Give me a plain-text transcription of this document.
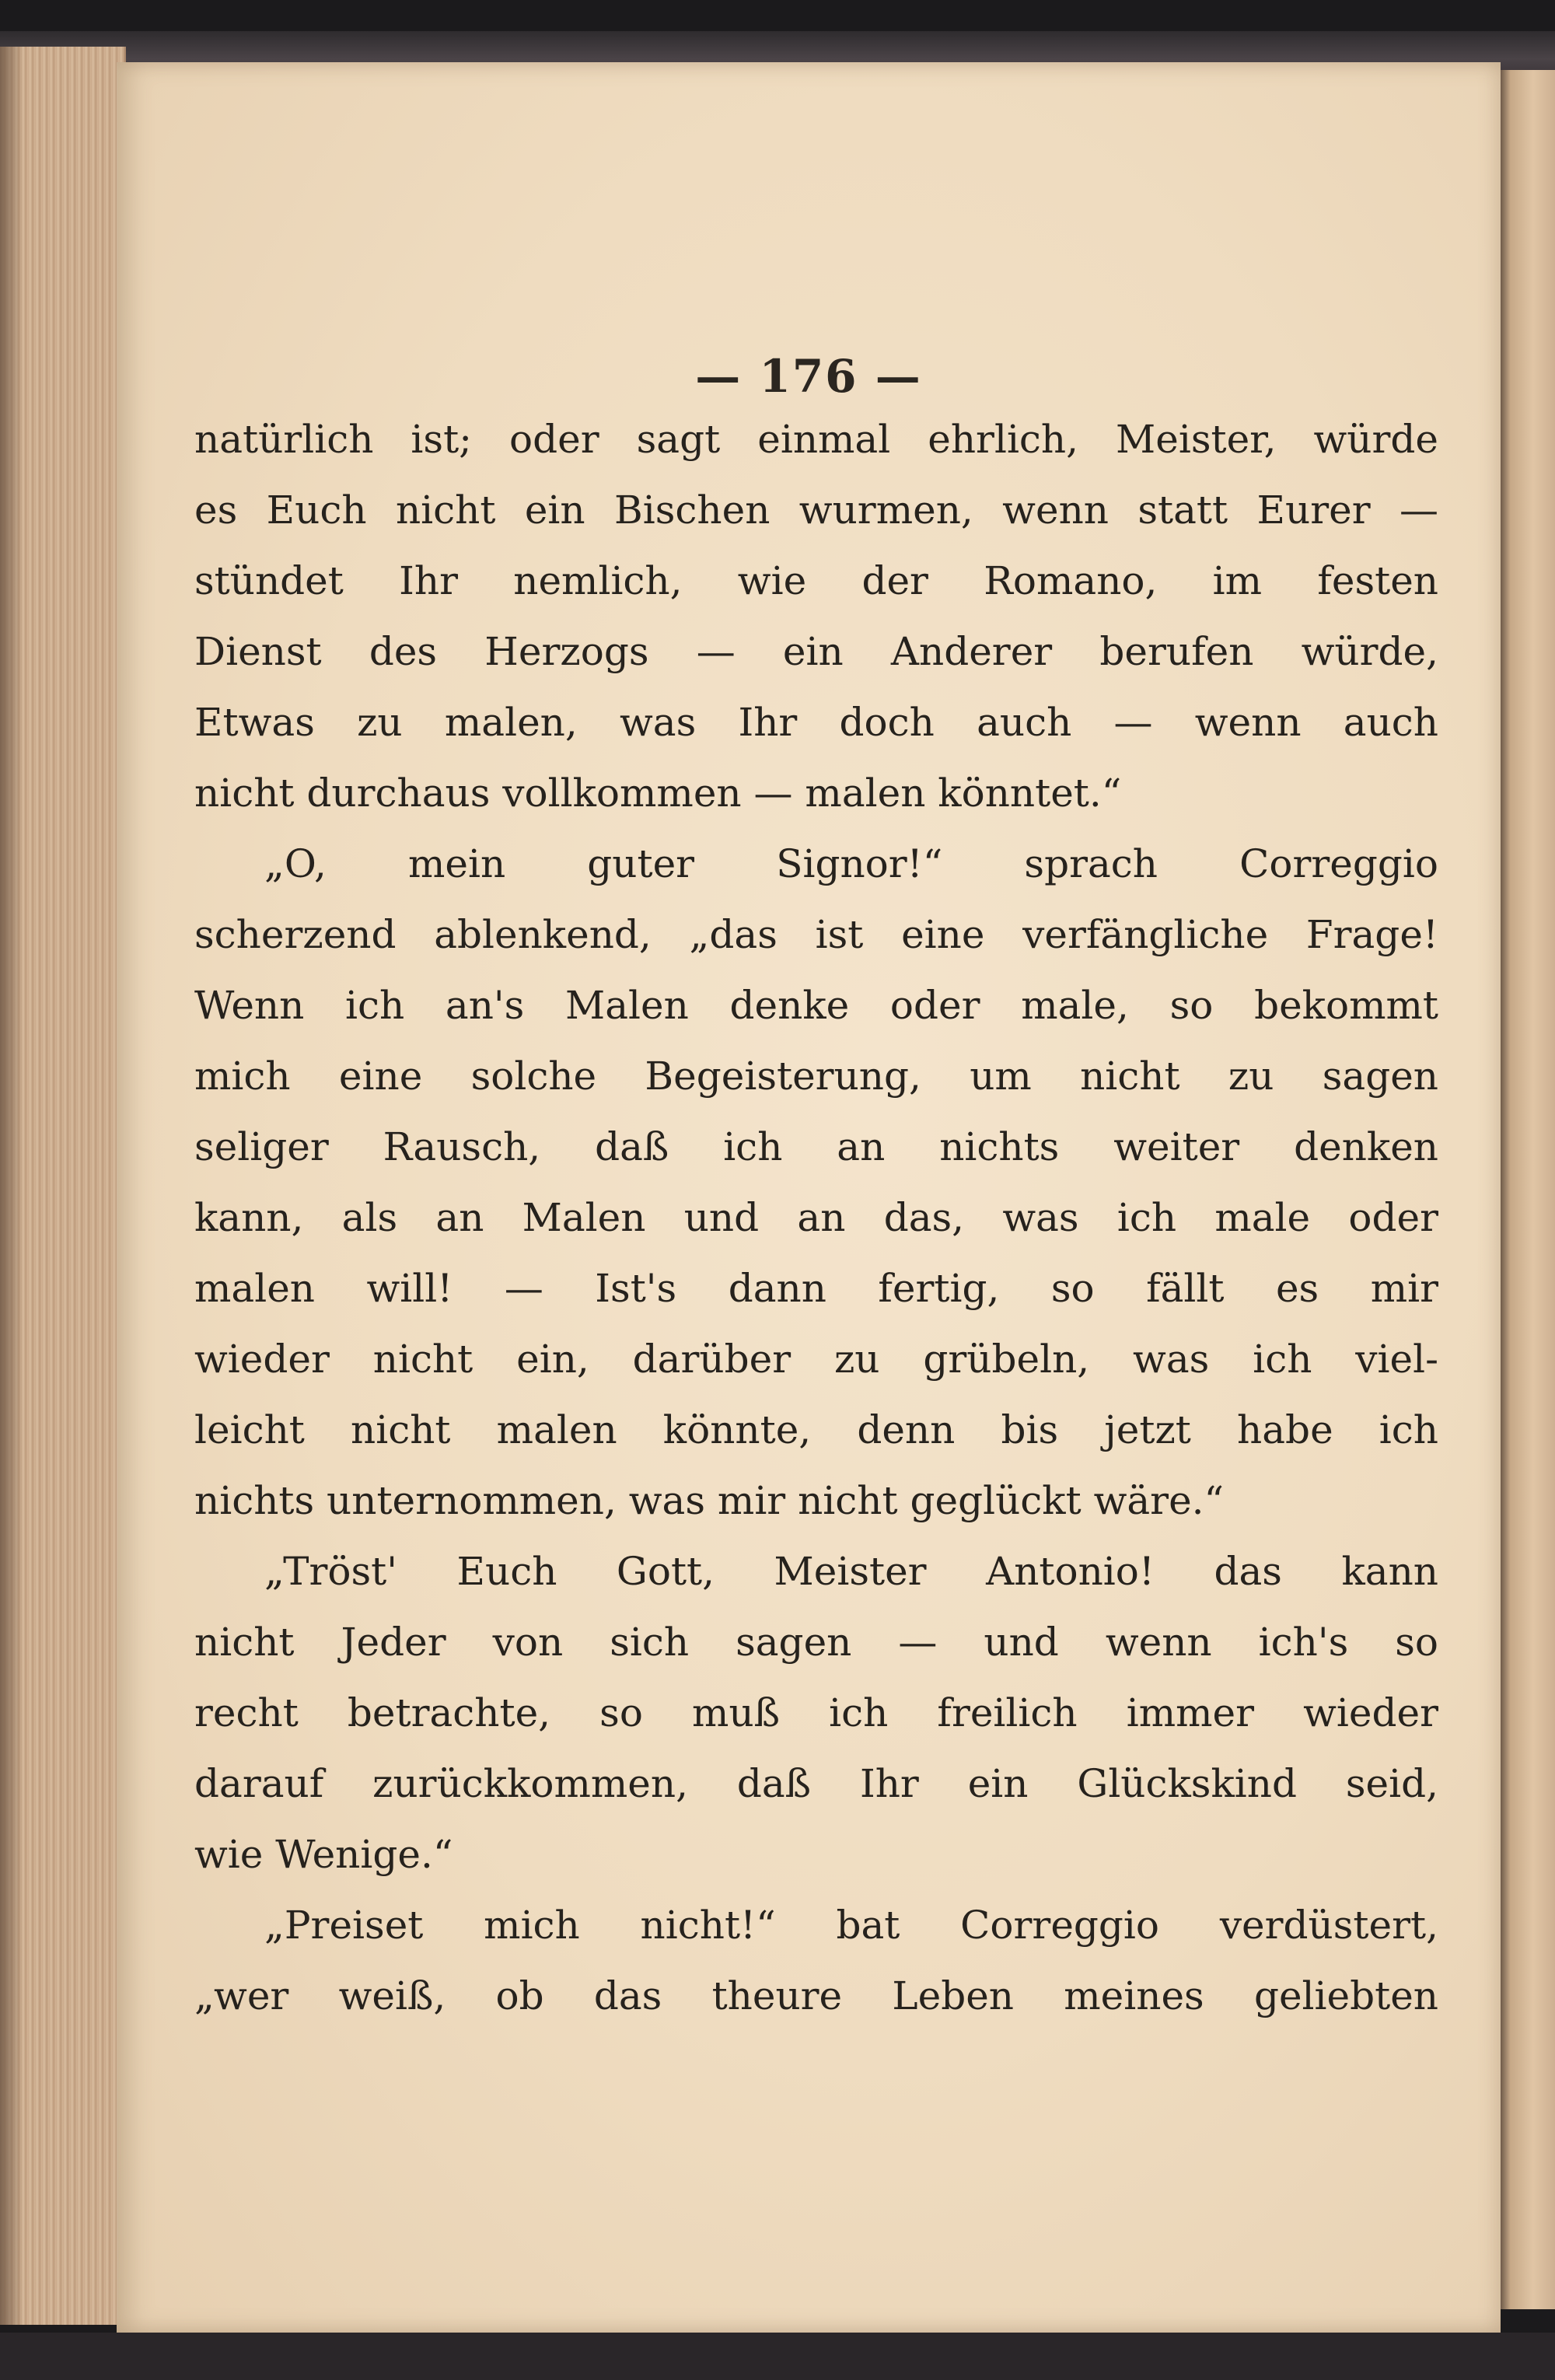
— 176 —
natürlich ist; oder sagt einmal ehrlich, Meister, würde
es Euch nicht ein Bischen wurmen, wenn statt Eurer —
stündet Ihr nemlich, wie der Romano, im festen
Dienst des Herzogs — ein Anderer berufen würde,
Etwas zu malen, was Ihr doch auch — wenn auch
nicht durchaus vollkommen — malen könntet.“
„O, mein guter Signor!“ sprach Correggio
scherzend ablenkend, „das ist eine verfängliche Frage!
Wenn ich an's Malen denke oder male, so bekommt
mich eine solche Begeisterung, um nicht zu sagen
seliger Rausch, daß ich an nichts weiter denken
kann, als an Malen und an das, was ich male oder
malen will! — Ist's dann fertig, so fällt es mir
wieder nicht ein, darüber zu grübeln, was ich viel-
leicht nicht malen könnte, denn bis jetzt habe ich
nichts unternommen, was mir nicht geglückt wäre.“
„Tröst' Euch Gott, Meister Antonio! das kann
nicht Jeder von sich sagen — und wenn ich's so
recht betrachte, so muß ich freilich immer wieder
darauf zurückkommen, daß Ihr ein Glückskind seid,
wie Wenige.“
„Preiset mich nicht!“ bat Correggio verdüstert,
„wer weiß, ob das theure Leben meines geliebten
